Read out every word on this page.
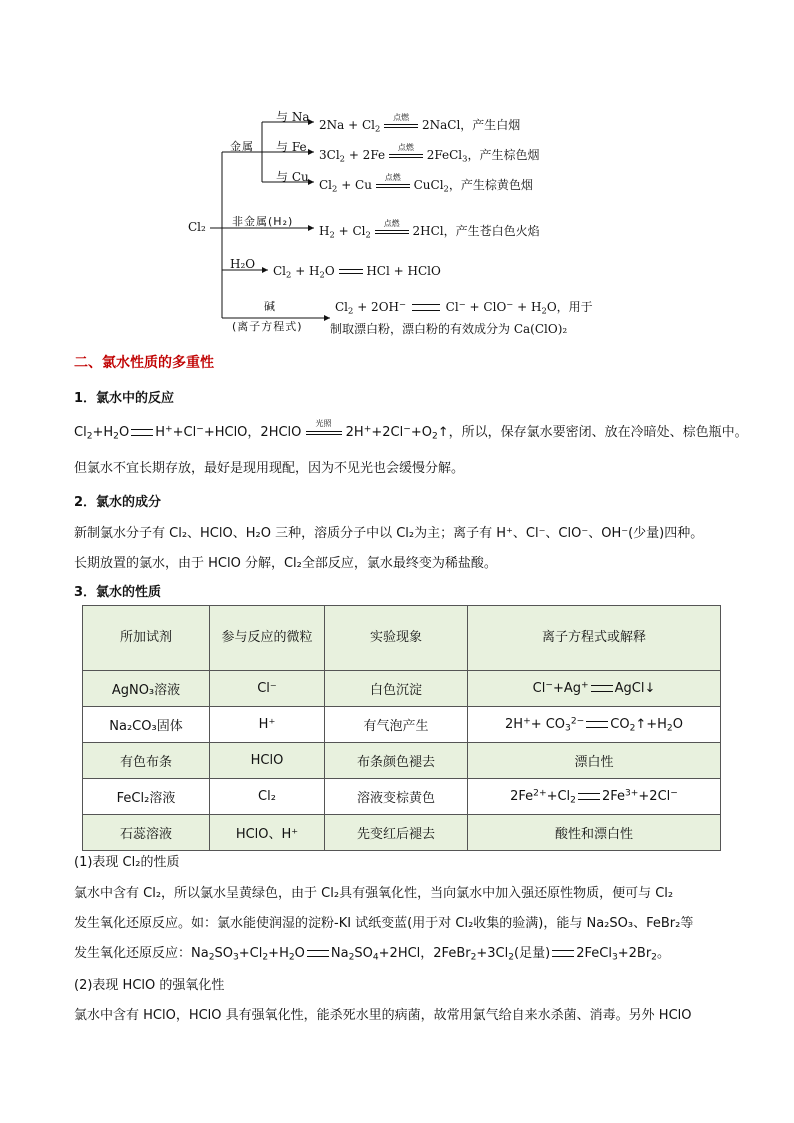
Cl₂
金属
非金属(H₂)
H₂O
碱
(离子方程式)
与 Na
与 Fe
与 Cu
$2Na + Cl_2$
点燃
2NaCl，产生白烟
$3Cl_2 + 2Fe$
点燃
2FeCl$_3$，产生棕色烟
$Cl_2 + Cu$
点燃
CuCl$_2$，产生棕黄色烟
$H_2 + Cl_2$
点燃
2HCl，产生苍白色火焰
$Cl_2 + H_2O$
HCl + HClO
$Cl_2 + 2OH^-$	$Cl^- + ClO^- + H_2O$，用于
制取漂白粉，漂白粉的有效成分为 Ca(ClO)₂
二、氯水性质的多重性
1．氯水中的反应
$Cl_2+H_2O$ H++Cl−+HClO，2HClO
光照
$2H^++2Cl^-+O_2↑$，所以，保存氯水要密闭、放在冷暗处、棕色瓶中。
但氯水不宜长期存放，最好是现用现配，因为不见光也会缓慢分解。
2．氯水的成分
新制氯水分子有 Cl₂、HClO、H₂O 三种，溶质分子中以 Cl₂为主；离子有 H⁺、Cl⁻、ClO⁻、OH⁻(少量)四种。
长期放置的氯水，由于 HClO 分解，Cl₂全部反应，氯水最终变为稀盐酸。
3．氯水的性质
所加试剂	参与反应的微粒	实验现象	离子方程式或解释
AgNO₃溶液	Cl⁻	白色沉淀	Cl−+Ag+ AgCl↓
Na₂CO₃固体	H⁺	有气泡产生	$2H^++ CO_3^{2-}$ $CO_2↑+H_2O$
有色布条	HClO	布条颜色褪去	漂白性
FeCl₂溶液	Cl₂	溶液变棕黄色	$2Fe^{2+}+Cl_2$ $2Fe^{3+}+2Cl^-$
石蕊溶液	HClO、H⁺	先变红后褪去	酸性和漂白性
(1)表现 Cl₂的性质
氯水中含有 Cl₂，所以氯水呈黄绿色，由于 Cl₂具有强氧化性，当向氯水中加入强还原性物质，便可与 Cl₂
发生氧化还原反应。如：氯水能使润湿的淀粉-KI 试纸变蓝(用于对 Cl₂收集的验满)，能与 Na₂SO₃、FeBr₂等
发生氧化还原反应：$Na_2SO_3+Cl_2+H_2O$ $Na_2SO_4+2HCl$，$2FeBr_2+3Cl_2$(足量) $2FeCl_3+2Br_2$。
(2)表现 HClO 的强氧化性
氯水中含有 HClO，HClO 具有强氧化性，能杀死水里的病菌，故常用氯气给自来水杀菌、消毒。另外 HClO
